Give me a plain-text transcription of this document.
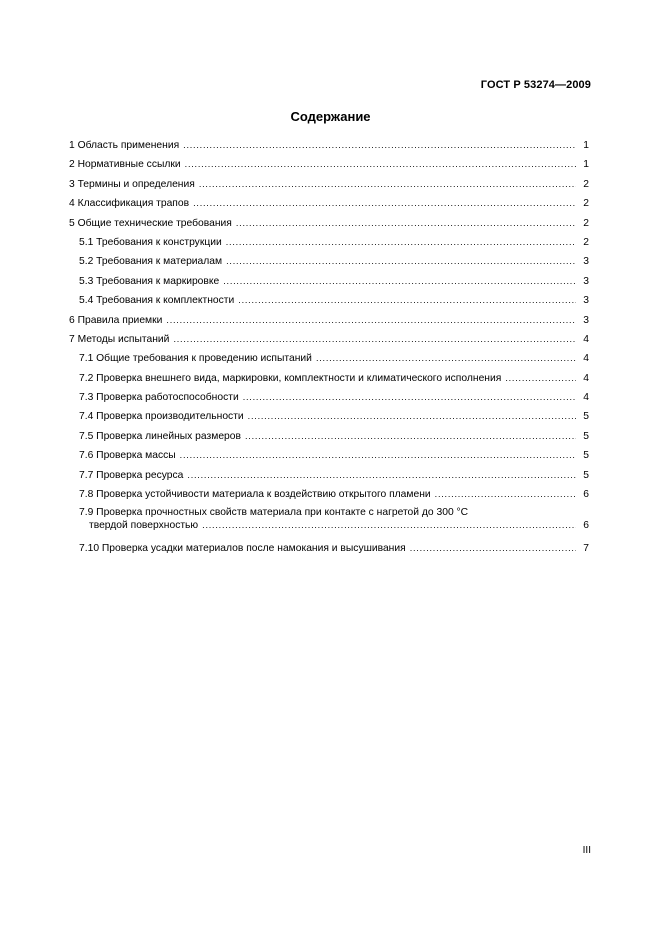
ГОСТ Р 53274—2009
Содержание
1 Область применения .....	1
2 Нормативные ссылки .....	1
3 Термины и определения .....	2
4 Классификация трапов .....	2
5 Общие технические требования .....	2
5.1 Требования к конструкции .....	2
5.2 Требования к материалам .....	3
5.3 Требования к маркировке .....	3
5.4 Требования к комплектности .....	3
6 Правила приемки .....	3
7 Методы испытаний .....	4
7.1 Общие требования к проведению испытаний .....	4
7.2 Проверка внешнего вида, маркировки, комплектности и климатического исполнения .....	4
7.3 Проверка работоспособности .....	4
7.4 Проверка производительности .....	5
7.5 Проверка линейных размеров .....	5
7.6 Проверка массы .....	5
7.7 Проверка ресурса .....	5
7.8 Проверка устойчивости материала к воздействию открытого пламени .....	6
7.9 Проверка прочностных свойств материала при контакте с нагретой до 300 °С
твердой поверхностью .....	6
7.10 Проверка усадки материалов после намокания и высушивания .....	7
III
